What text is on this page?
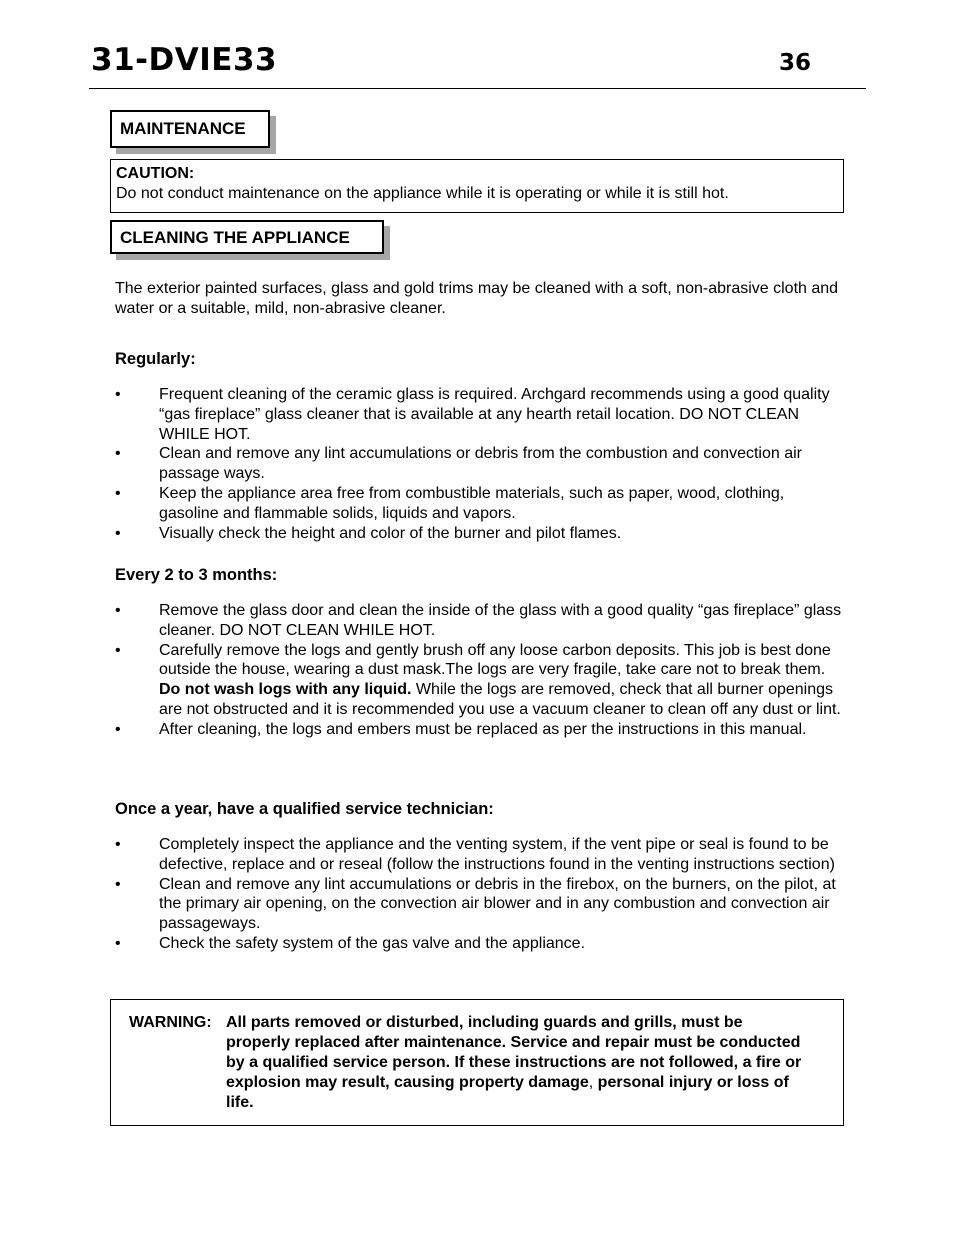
31-DVIE33	36
MAINTENANCE
CAUTION:
Do not conduct maintenance on the appliance while it is operating or while it is still hot.
CLEANING THE APPLIANCE
The exterior painted surfaces, glass and gold trims may be cleaned with a soft, non-abrasive cloth and water or a suitable, mild, non-abrasive cleaner.
Regularly:
• Frequent cleaning of the ceramic glass is required. Archgard recommends using a good quality “gas fireplace” glass cleaner that is available at any hearth retail location. DO NOT CLEAN WHILE HOT.
• Clean and remove any lint accumulations or debris from the combustion and convection air passage ways.
• Keep the appliance area free from combustible materials, such as paper, wood, clothing, gasoline and flammable solids, liquids and vapors.
• Visually check the height and color of the burner and pilot flames.
Every 2 to 3 months:
• Remove the glass door and clean the inside of the glass with a good quality “gas fireplace” glass cleaner. DO NOT CLEAN WHILE HOT.
• Carefully remove the logs and gently brush off any loose carbon deposits. This job is best done outside the house, wearing a dust mask.The logs are very fragile, take care not to break them. Do not wash logs with any liquid. While the logs are removed, check that all burner openings are not obstructed and it is recommended you use a vacuum cleaner to clean off any dust or lint.
• After cleaning, the logs and embers must be replaced as per the instructions in this manual.
Once a year, have a qualified service technician:
• Completely inspect the appliance and the venting system, if the vent pipe or seal is found to be defective, replace and or reseal (follow the instructions found in the venting instructions section)
• Clean and remove any lint accumulations or debris in the firebox, on the burners, on the pilot, at the primary air opening, on the convection air blower and in any combustion and convection air passageways.
• Check the safety system of the gas valve and the appliance.
WARNING: All parts removed or disturbed, including guards and grills, must be properly replaced after maintenance. Service and repair must be conducted by a qualified service person. If these instructions are not followed, a fire or explosion may result, causing property damage, personal injury or loss of life.
